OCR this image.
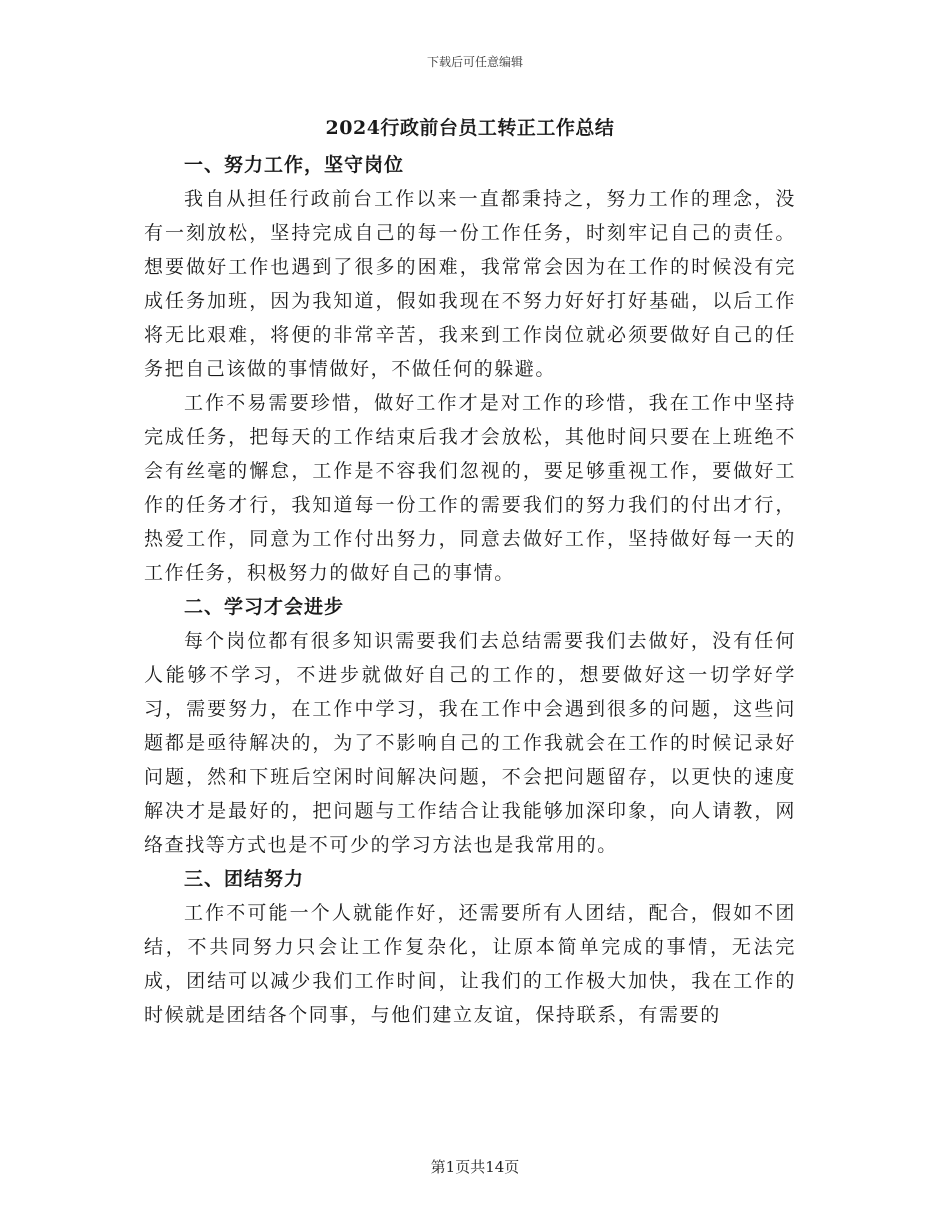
下载后可任意编辑
2024行政前台员工转正工作总结
一、努力工作，坚守岗位

我自从担任行政前台工作以来一直都秉持之，努力工作的理念，没有一刻放松，坚持完成自己的每一份工作任务，时刻牢记自己的责任。想要做好工作也遇到了很多的困难，我常常会因为在工作的时候没有完成任务加班，因为我知道，假如我现在不努力好好打好基础，以后工作将无比艰难，将便的非常辛苦，我来到工作岗位就必须要做好自己的任务把自己该做的事情做好，不做任何的躲避。

工作不易需要珍惜，做好工作才是对工作的珍惜，我在工作中坚持完成任务，把每天的工作结束后我才会放松，其他时间只要在上班绝不会有丝毫的懈怠，工作是不容我们忽视的，要足够重视工作，要做好工作的任务才行，我知道每一份工作的需要我们的努力我们的付出才行，热爱工作，同意为工作付出努力，同意去做好工作，坚持做好每一天的工作任务，积极努力的做好自己的事情。

二、学习才会进步

每个岗位都有很多知识需要我们去总结需要我们去做好，没有任何人能够不学习，不进步就做好自己的工作的，想要做好这一切学好学习，需要努力，在工作中学习，我在工作中会遇到很多的问题，这些问题都是亟待解决的，为了不影响自己的工作我就会在工作的时候记录好问题，然和下班后空闲时间解决问题，不会把问题留存，以更快的速度解决才是最好的，把问题与工作结合让我能够加深印象，向人请教，网络查找等方式也是不可少的学习方法也是我常用的。

三、团结努力

工作不可能一个人就能作好，还需要所有人团结，配合，假如不团结，不共同努力只会让工作复杂化，让原本简单完成的事情，无法完成，团结可以减少我们工作时间，让我们的工作极大加快，我在工作的时候就是团结各个同事，与他们建立友谊，保持联系，有需要的

第1页共14页
